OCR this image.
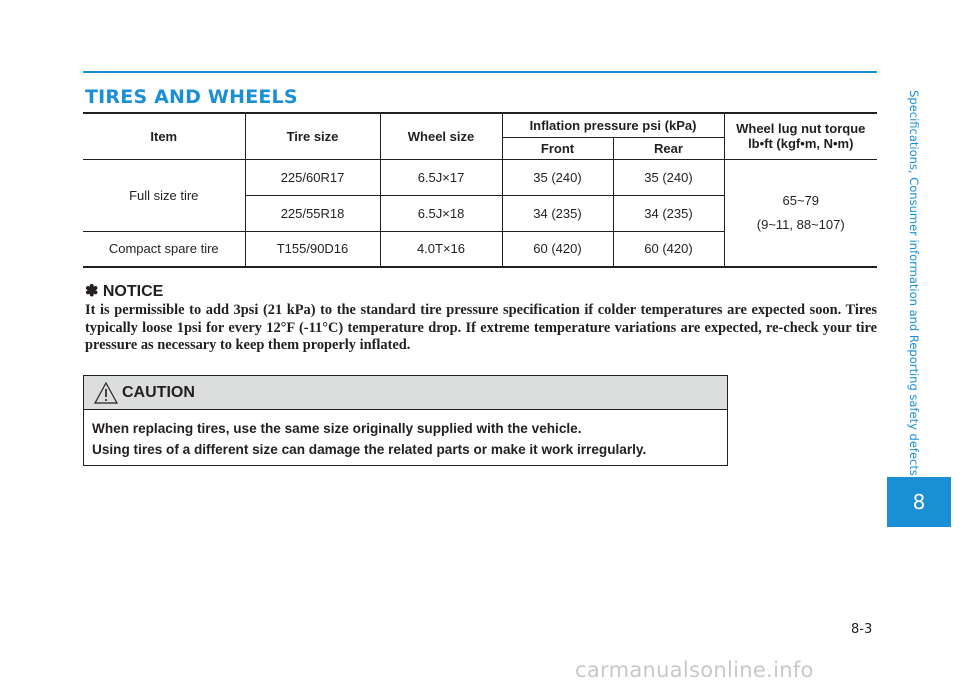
TIRES AND WHEELS
Item	Tire size	Wheel size	Inflation pressure psi (kPa)		Wheel lug nut torque
lb•ft (kgf•m, N•m)

			Front	Rear	
Full size tire	225/60R17	6.5J×17	35 (240)	35 (240)	65~79
(9~11, 88~107)

	225/55R18	6.5J×18	34 (235)	34 (235)	
Compact spare tire	T155/90D16	4.0T×16	60 (420)	60 (420)	
✽ NOTICE
It is permissible to add 3psi (21 kPa) to the standard tire pressure specification if colder temperatures are expected soon. Tires typically loose 1psi for every 12°F (-11°C) temperature drop. If extreme temperature variations are expected, re-check your tire pressure as necessary to keep them properly inflated.
CAUTION
When replacing tires, use the same size originally supplied with the vehicle.
Using tires of a different size can damage the related parts or make it work irregularly.	Specifications, Consumer information and Reporting safety defects
8
8-3
carmanualsonline.info
